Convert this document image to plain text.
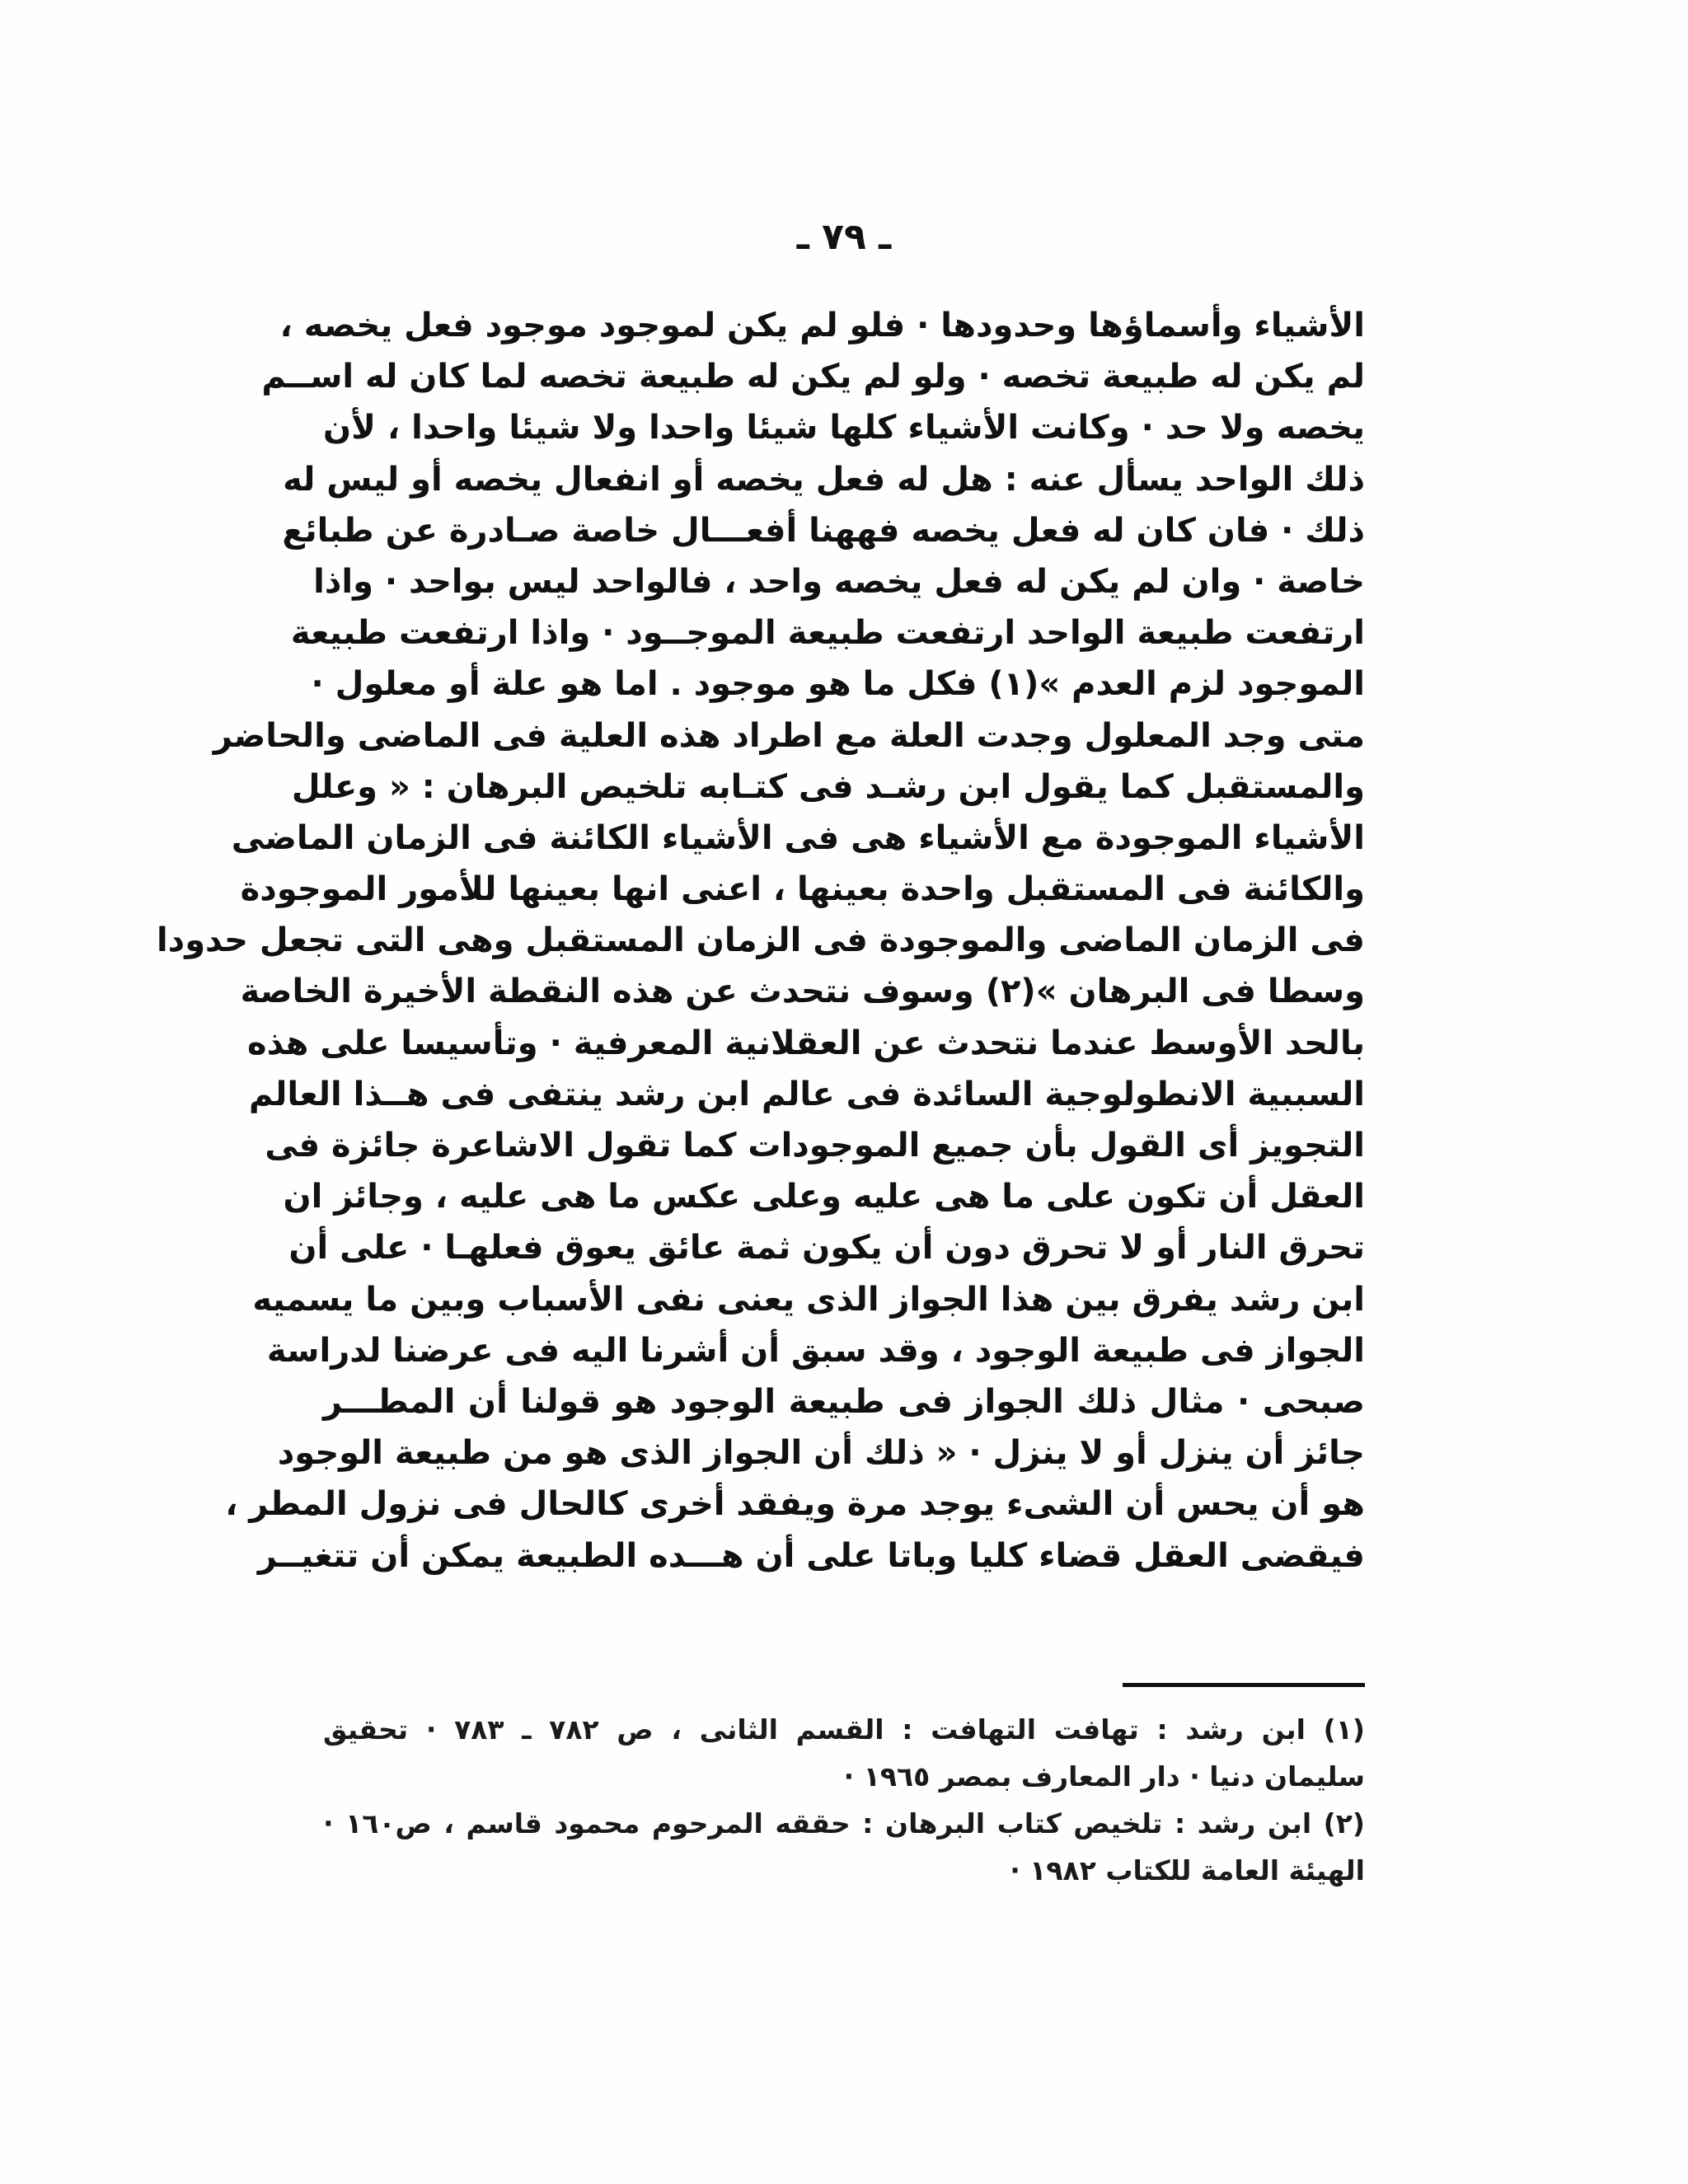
ـ ٧٩ ـ
الأشياء وأسماؤها وحدودها · فلو لم يكن لموجود موجود فعل يخصه ،
لم يكن له طبيعة تخصه · ولو لم يكن له طبيعة تخصه لما كان له اســم
يخصه ولا حد · وكانت الأشياء كلها شيئا واحدا ولا شيئا واحدا ، لأن
ذلك الواحد يسأل عنه : هل له فعل يخصه أو انفعال يخصه أو ليس له
ذلك · فان كان له فعل يخصه فههنا أفعـــال خاصة صـادرة عن طبائع
خاصة · وان لم يكن له فعل يخصه واحد ، فالواحد ليس بواحد · واذا
ارتفعت طبيعة الواحد ارتفعت طبيعة الموجــود · واذا ارتفعت طبيعة
الموجود لزم العدم »(١) فكل ما هو موجود . اما هو علة أو معلول ·
متى وجد المعلول وجدت العلة مع اطراد هذه العلية فى الماضى والحاضر
والمستقبل كما يقول ابن رشـد فى كتـابه تلخيص البرهان : « وعلل
الأشياء الموجودة مع الأشياء هى فى الأشياء الكائنة فى الزمان الماضى
والكائنة فى المستقبل واحدة بعينها ، اعنى انها بعينها للأمور الموجودة
فى الزمان الماضى والموجودة فى الزمان المستقبل وهى التى تجعل حدودا
وسطا فى البرهان »(٢) وسوف نتحدث عن هذه النقطة الأخيرة الخاصة
بالحد الأوسط عندما نتحدث عن العقلانية المعرفية · وتأسيسا على هذه
السببية الانطولوجية السائدة فى عالم ابن رشد ينتفى فى هــذا العالم
التجويز أى القول بأن جميع الموجودات كما تقول الاشاعرة جائزة فى
العقل أن تكون على ما هى عليه وعلى عكس ما هى عليه ، وجائز ان
تحرق النار أو لا تحرق دون أن يكون ثمة عائق يعوق فعلهـا · على أن
ابن رشد يفرق بين هذا الجواز الذى يعنى نفى الأسباب وبين ما يسميه
الجواز فى طبيعة الوجود ، وقد سبق أن أشرنا اليه فى عرضنا لدراسة
صبحى · مثال ذلك الجواز فى طبيعة الوجود هو قولنا أن المطـــر
جائز أن ينزل أو لا ينزل · « ذلك أن الجواز الذى هو من طبيعة الوجود
هو أن يحس أن الشىء يوجد مرة ويفقد أخرى كالحال فى نزول المطر ،
فيقضى العقل قضاء كليا وباتا على أن هـــده الطبيعة يمكن أن تتغيــر
(١) ابن رشد : تهافت التهافت : القسم الثانى ، ص ٧٨٢ ـ ٧٨٣ · تحقيق
سليمان دنيا · دار المعارف بمصر ١٩٦٥ ·
(٢) ابن رشد : تلخيص كتاب البرهان : حققه المرحوم محمود قاسم ، ص١٦٠ ·
الهيئة العامة للكتاب ١٩٨٢ ·
